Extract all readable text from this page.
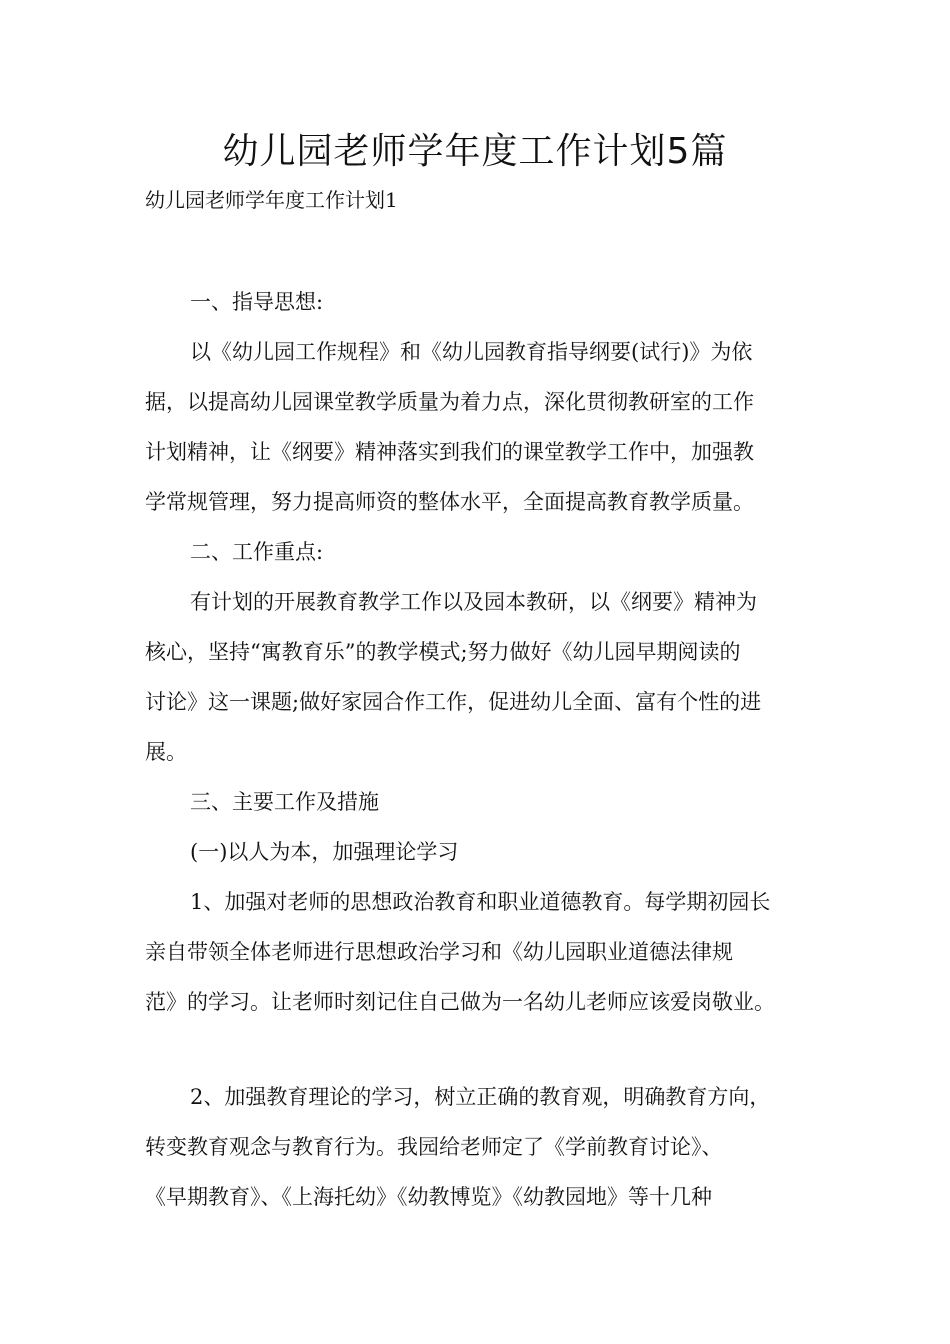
幼儿园老师学年度工作计划5篇

幼儿园老师学年度工作计划1

一、指导思想:

以《幼儿园工作规程》和《幼儿园教育指导纲要(试行)》为依
据，以提高幼儿园课堂教学质量为着力点，深化贯彻教研室的工作
计划精神，让《纲要》精神落实到我们的课堂教学工作中，加强教
学常规管理，努力提高师资的整体水平，全面提高教育教学质量。

二、工作重点:

有计划的开展教育教学工作以及园本教研，以《纲要》精神为
核心，坚持“寓教育乐”的教学模式;努力做好《幼儿园早期阅读的
讨论》这一课题;做好家园合作工作，促进幼儿全面、富有个性的进
展。

三、主要工作及措施

(一)以人为本，加强理论学习

1、加强对老师的思想政治教育和职业道德教育。每学期初园长
亲自带领全体老师进行思想政治学习和《幼儿园职业道德法律规
范》的学习。让老师时刻记住自己做为一名幼儿老师应该爱岗敬业。

2、加强教育理论的学习，树立正确的教育观，明确教育方向，
转变教育观念与教育行为。我园给老师定了《学前教育讨论》、
《早期教育》、《上海托幼》《幼教博览》《幼教园地》等十几种
